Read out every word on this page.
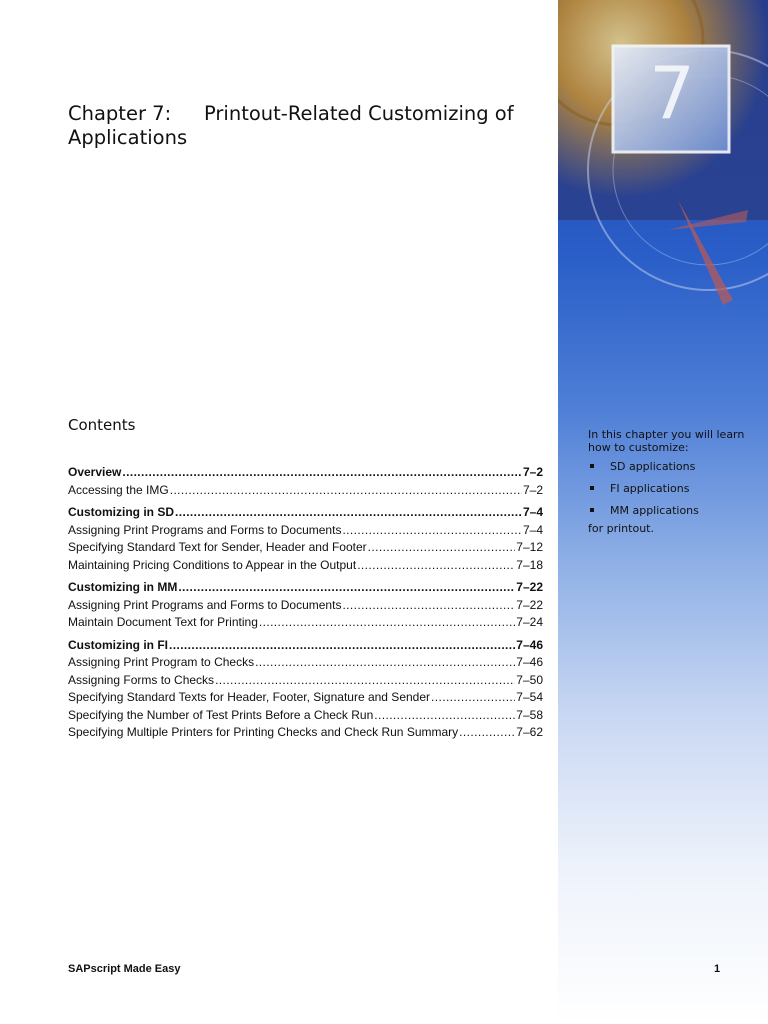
Chapter 7: Printout-Related Customizing of
Applications
Contents
Overview .....	7–2
Accessing the IMG .....	7–2
Customizing in SD .....	7–4
Assigning Print Programs and Forms to Documents .....	7–4
Specifying Standard Text for Sender, Header and Footer .....	7–12
Maintaining Pricing Conditions to Appear in the Output .....	7–18
Customizing in MM .....	7–22
Assigning Print Programs and Forms to Documents .....	7–22
Maintain Document Text for Printing .....	7–24
Customizing in FI .....	7–46
Assigning Print Program to Checks .....	7–46
Assigning Forms to Checks .....	7–50
Specifying Standard Texts for Header, Footer, Signature and Sender .....	7–54
Specifying the Number of Test Prints Before a Check Run .....	7–58
Specifying Multiple Printers for Printing Checks and Check Run Summary .....	7–62
7
In this chapter you will learn how to customize:
SD applications
FI applications
MM applications
for printout.
SAPscript Made Easy	1
